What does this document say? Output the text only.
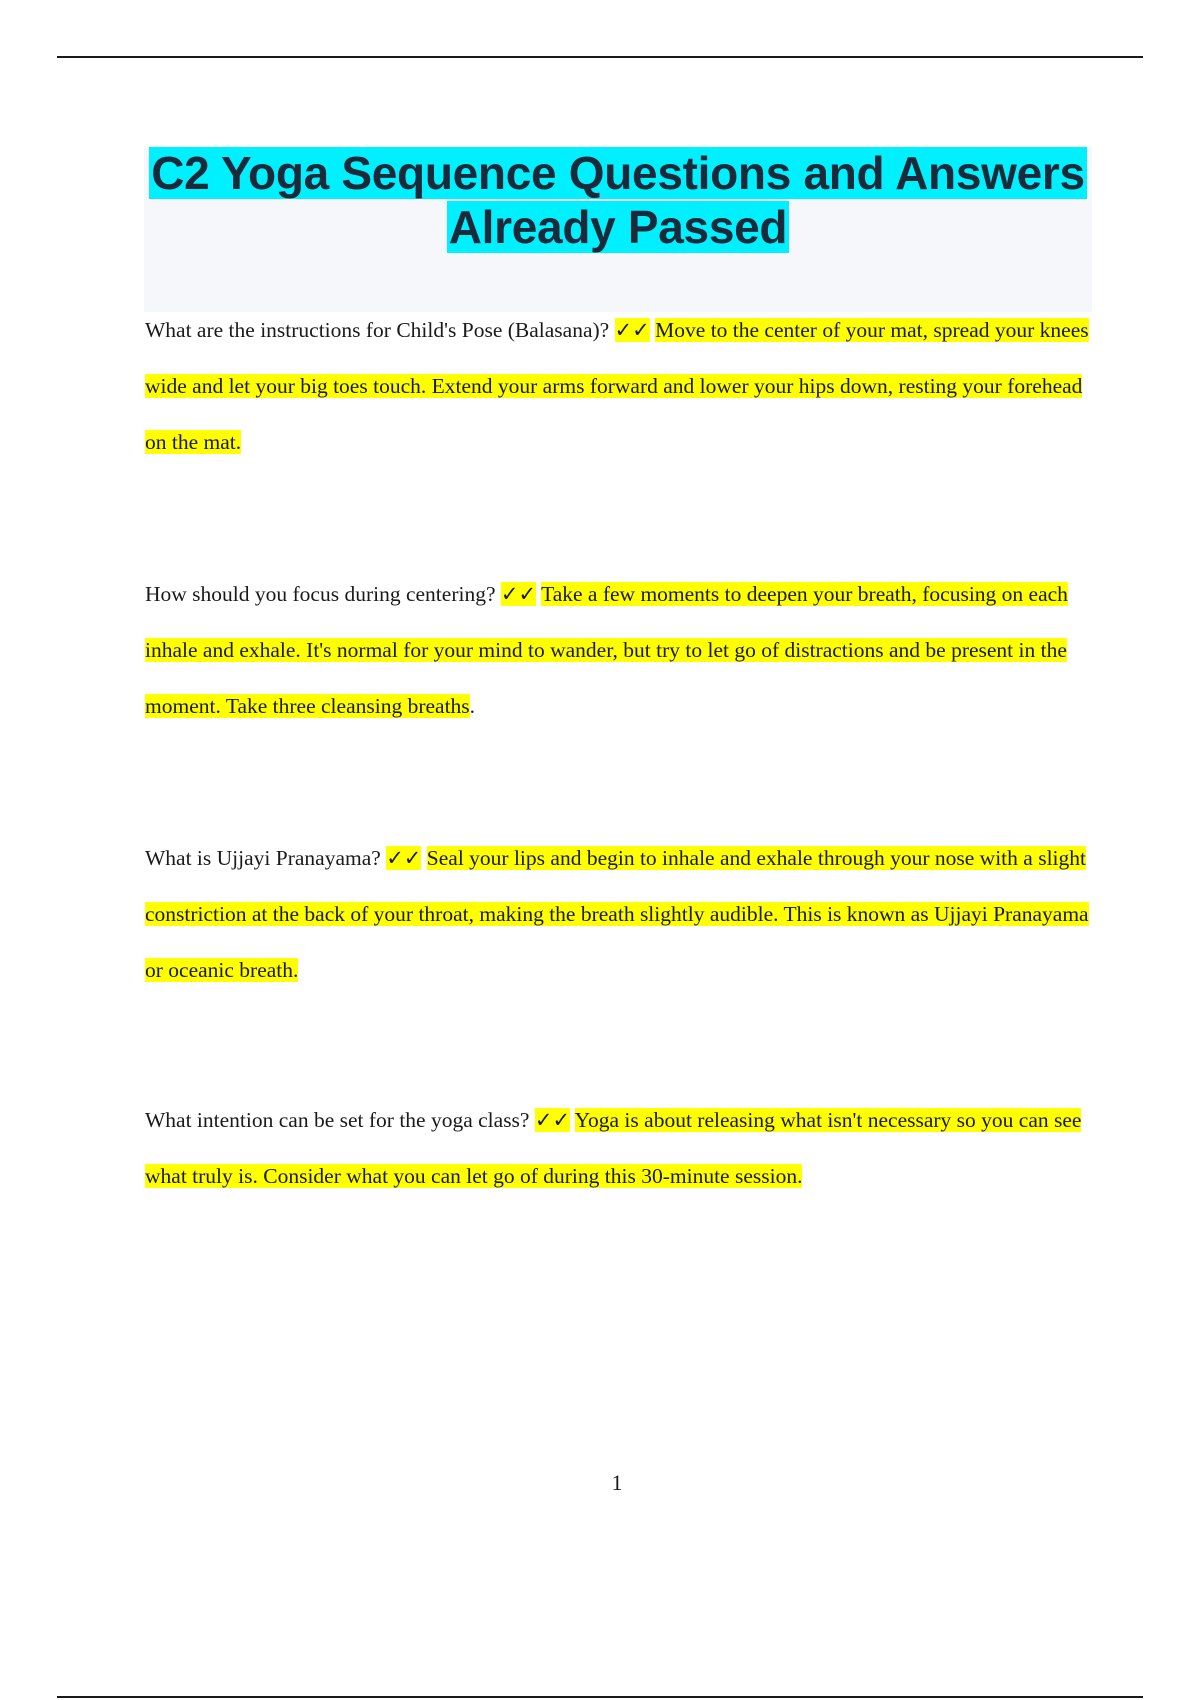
C2 Yoga Sequence Questions and Answers Already Passed

What are the instructions for Child's Pose (Balasana)? ✓✓ Move to the center of your mat, spread your knees wide and let your big toes touch. Extend your arms forward and lower your hips down, resting your forehead on the mat.

How should you focus during centering? ✓✓ Take a few moments to deepen your breath, focusing on each inhale and exhale. It's normal for your mind to wander, but try to let go of distractions and be present in the moment. Take three cleansing breaths.

What is Ujjayi Pranayama? ✓✓ Seal your lips and begin to inhale and exhale through your nose with a slight constriction at the back of your throat, making the breath slightly audible. This is known as Ujjayi Pranayama or oceanic breath.

What intention can be set for the yoga class? ✓✓ Yoga is about releasing what isn't necessary so you can see what truly is. Consider what you can let go of during this 30-minute session.

1
